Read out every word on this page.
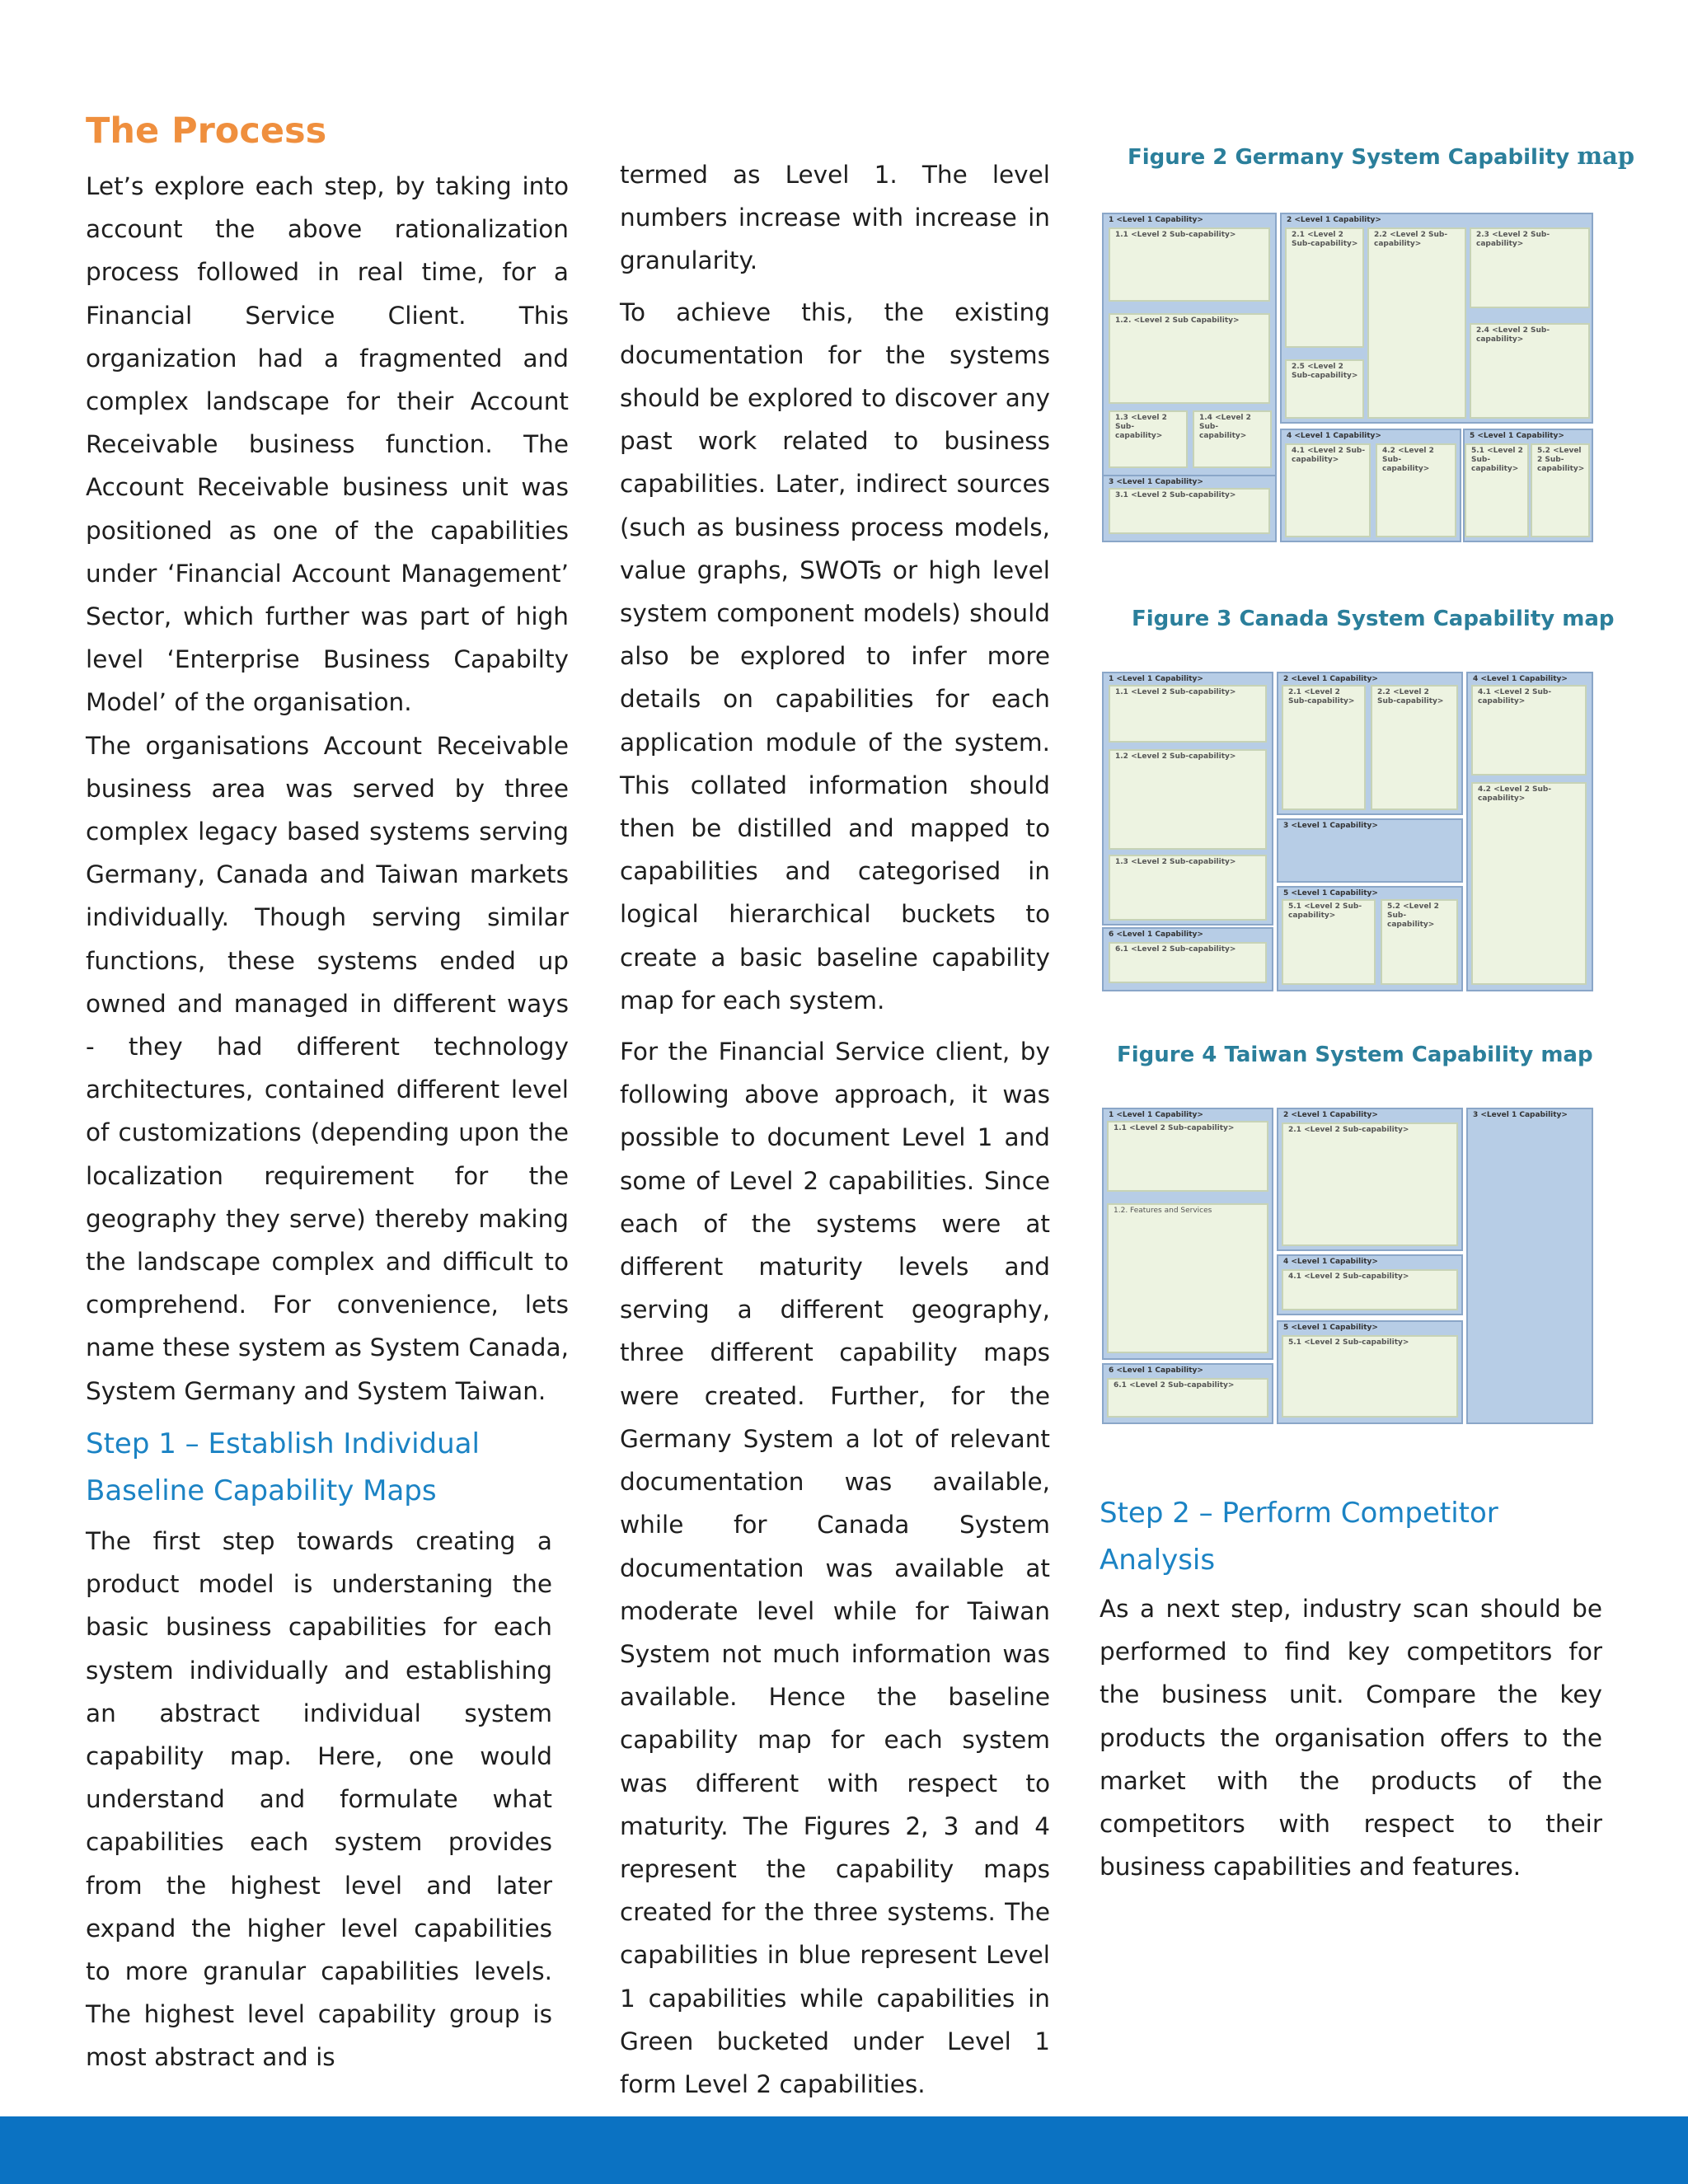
The Process

Let’s explore each step, by taking into account the above rationalization process followed in real time, for a Financial Service Client. This organization had a fragmented and complex landscape for their Account Receivable business function. The Account Receivable business unit was positioned as one of the capabilities under ‘Financial Account Management’ Sector, which further was part of high level ‘Enterprise Business Capabilty Model’ of the organisation.

The organisations Account Receivable business area was served by three complex legacy based systems serving Germany, Canada and Taiwan markets individually. Though serving similar functions, these systems ended up owned and managed in different ways - they had different technology architectures, contained different level of customizations (depending upon the localization requirement for the geography they serve) thereby making the landscape complex and difficult to comprehend. For convenience, lets name these system as System Canada, System Germany and System Taiwan.

Step 1 – Establish Individual Baseline Capability Maps

The first step towards creating a product model is understaning the basic business capabilities for each system individually and establishing an abstract individual system capability map. Here, one would understand and formulate what capabilities each system provides from the highest level and later expand the higher level capabilities to more granular capabilities levels. The highest level capability group is most abstract and is

termed as Level 1. The level numbers increase with increase in granularity.

To achieve this, the existing documentation for the systems should be explored to discover any past work related to business capabilities. Later, indirect sources (such as business process models, value graphs, SWOTs or high level system component models) should also be explored to infer more details on capabilities for each application module of the system. This collated information should then be distilled and mapped to capabilities and categorised in logical hierarchical buckets to create a basic baseline capability map for each system.

For the Financial Service client, by following above approach, it was possible to document Level 1 and some of Level 2 capabilities. Since each of the systems were at different maturity levels and serving a different geography, three different capability maps were created. Further, for the Germany System a lot of relevant documentation was available, while for Canada System documentation was available at moderate level while for Taiwan System not much information was available. Hence the baseline capability map for each system was different with respect to maturity. The Figures 2, 3 and 4 represent the capability maps created for the three systems. The capabilities in blue represent Level 1 capabilities while capabilities in Green bucketed under Level 1 form Level 2 capabilities.

Figure 2 Germany System Capability map
Figure 3 Canada System Capability map
Figure 4 Taiwan System Capability map
1 <Level 1 Capability>
1.1 <Level 2 Sub-capability>
1.2. <Level 2 Sub Capability>
1.3 <Level 2 Sub-
capability>
1.4 <Level 2 Sub-
capability>
2 <Level 1 Capability>
2.1 <Level 2
Sub-capability>
2.5 <Level 2
Sub-capability>
2.2 <Level 2 Sub-capability>
2.3 <Level 2 Sub-capability>
2.4 <Level 2 Sub-capability>
3 <Level 1 Capability>
3.1 <Level 2 Sub-capability>
4 <Level 1 Capability>
4.1 <Level 2 Sub-
capability>
4.2 <Level 2 Sub-
capability>
5 <Level 1 Capability>
5.1 <Level 2 Sub-
capability>
5.2 <Level 2 Sub-
capability>
1 <Level 1 Capability>
1.1 <Level 2 Sub-capability>
1.2 <Level 2 Sub-capability>
1.3 <Level 2 Sub-capability>
2 <Level 1 Capability>
2.1 <Level 2
Sub-capability>
2.2 <Level 2
Sub-capability>
3 <Level 1 Capability>
5 <Level 1 Capability>
5.1 <Level 2 Sub-
capability>
5.2 <Level 2 Sub-
capability>
4 <Level 1 Capability>
4.1 <Level 2 Sub-capability>
4.2 <Level 2 Sub-capability>
6 <Level 1 Capability>
6.1 <Level 2 Sub-capability>
1 <Level 1 Capability>
1.1 <Level 2 Sub-capability>
1.2. Features and Services
2 <Level 1 Capability>
2.1 <Level 2 Sub-capability>
4 <Level 1 Capability>
4.1 <Level 2 Sub-capability>
5 <Level 1 Capability>
5.1 <Level 2 Sub-capability>
3 <Level 1 Capability>
6 <Level 1 Capability>
6.1 <Level 2 Sub-capability>
Step 2 – Perform Competitor Analysis

As a next step, industry scan should be performed to find key competitors for the business unit. Compare the key products the organisation offers to the market with the products of the competitors with respect to their business capabilities and features.
